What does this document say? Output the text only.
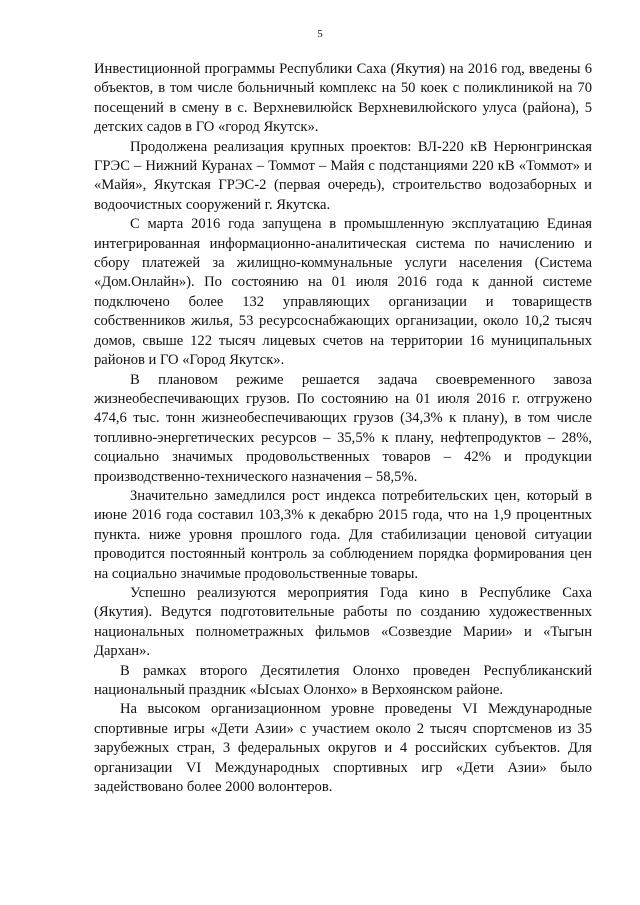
5

Инвестиционной программы Республики Саха (Якутия) на 2016 год, введены 6 объектов, в том числе больничный комплекс на 50 коек с поликлиникой на 70 посещений в смену в с. Верхневилюйск Верхневилюйского улуса (района), 5 детских садов в ГО «город Якутск».

Продолжена реализация крупных проектов: ВЛ-220 кВ Нерюнгринская ГРЭС – Нижний Куранах – Томмот – Майя с подстанциями 220 кВ «Томмот» и «Майя», Якутская ГРЭС-2 (первая очередь), строительство водозаборных и водоочистных сооружений г. Якутска.

С марта 2016 года запущена в промышленную эксплуатацию Единая интегрированная информационно-аналитическая система по начислению и сбору платежей за жилищно-коммунальные услуги населения (Система «Дом.Онлайн»). По состоянию на 01 июля 2016 года к данной системе подключено более 132 управляющих организации и товариществ собственников жилья, 53 ресурсоснабжающих организации, около 10,2 тысяч домов, свыше 122 тысяч лицевых счетов на территории 16 муниципальных районов и ГО «Город Якутск».

В плановом режиме решается задача своевременного завоза жизнеобеспечивающих грузов. По состоянию на 01 июля 2016 г. отгружено 474,6 тыс. тонн жизнеобеспечивающих грузов (34,3% к плану), в том числе топливно-энергетических ресурсов – 35,5% к плану, нефтепродуктов – 28%, социально значимых продовольственных товаров – 42% и продукции производственно-технического назначения – 58,5%.

Значительно замедлился рост индекса потребительских цен, который в июне 2016 года составил 103,3% к декабрю 2015 года, что на 1,9 процентных пункта. ниже уровня прошлого года. Для стабилизации ценовой ситуации проводится постоянный контроль за соблюдением порядка формирования цен на социально значимые продовольственные товары.

Успешно реализуются мероприятия Года кино в Республике Саха (Якутия). Ведутся подготовительные работы по созданию художественных национальных полнометражных фильмов «Созвездие Марии» и «Тыгын Дархан».

В рамках второго Десятилетия Олонхо проведен Республиканский национальный праздник «Ысыах Олонхо» в Верхоянском районе.

На высоком организационном уровне проведены VI Международные спортивные игры «Дети Азии» с участием около 2 тысяч спортсменов из 35 зарубежных стран, 3 федеральных округов и 4 российских субъектов. Для организации VI Международных спортивных игр «Дети Азии» было задействовано более 2000 волонтеров.
